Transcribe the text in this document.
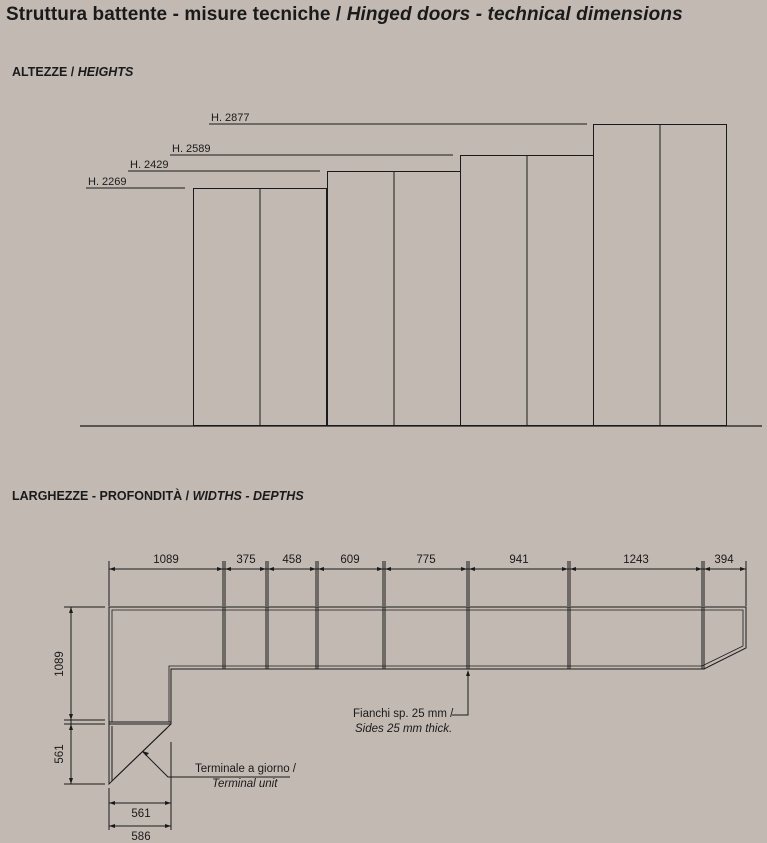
Struttura battente - misure tecniche / Hinged doors - technical dimensions
ALTEZZE / HEIGHTS
LARGHEZZE - PROFONDITÀ / WIDTHS - DEPTHS
H. 2877
H. 2589
H. 2429
H. 2269
1089	375 458	609	775	941	1243	394
1089
561
561
586
Fianchi sp. 25 mm /
Sides 25 mm thick.
Terminale a giorno /
Terminal unit
